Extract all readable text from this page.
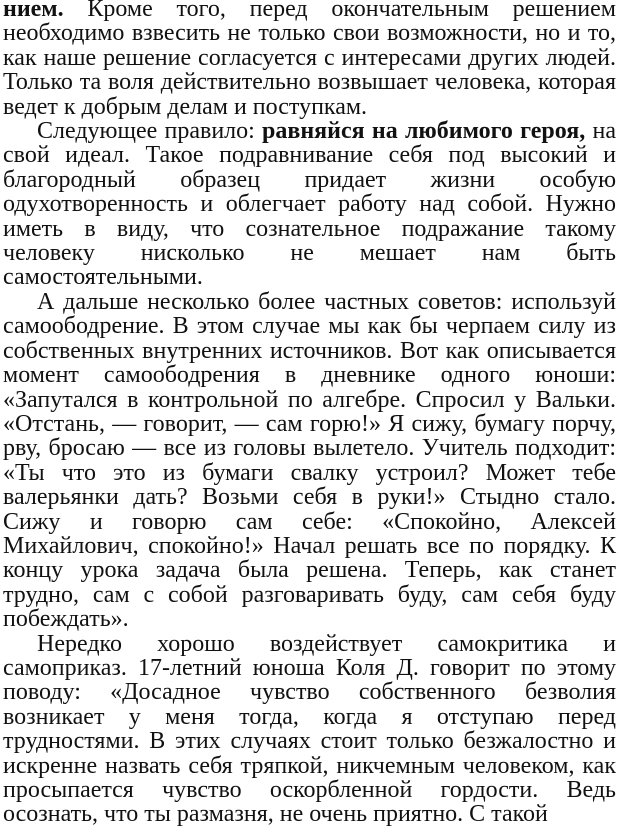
нием. Кроме того, перед окончательным решением необходимо взвесить не только свои возможности, но и то, как наше решение согласуется с интересами других людей. Только та воля действительно возвышает человека, которая ведет к добрым делам и поступкам.

Следующее правило: равняйся на любимого героя, на свой идеал. Такое подравнивание себя под высокий и благородный образец придает жизни особую одухотворенность и облегчает работу над собой. Нужно иметь в виду, что сознательное подражание такому человеку нисколько не мешает нам быть самостоятельными.

А дальше несколько более частных советов: используй самоободрение. В этом случае мы как бы черпаем силу из собственных внутренних источников. Вот как описывается момент самоободрения в дневнике одного юноши: «Запутался в контрольной по алгебре. Спросил у Вальки. «Отстань, — говорит, — сам горю!» Я сижу, бумагу порчу, рву, бросаю — все из головы вылетело. Учитель подходит: «Ты что это из бумаги свалку устроил? Может тебе валерьянки дать? Возьми себя в руки!» Стыдно стало. Сижу и говорю сам себе: «Спокойно, Алексей Михайлович, спокойно!» Начал решать все по порядку. К концу урока задача была решена. Теперь, как станет трудно, сам с собой разговаривать буду, сам себя буду побеждать».

Нередко хорошо воздействует самокритика и самоприказ. 17-летний юноша Коля Д. говорит по этому поводу: «Досадное чувство собственного безволия возникает у меня тогда, когда я отступаю перед трудностями. В этих случаях стоит только безжалостно и искренне назвать себя тряпкой, никчемным человеком, как просыпается чувство оскорбленной гордости. Ведь осознать, что ты размазня, не очень приятно. С такой
